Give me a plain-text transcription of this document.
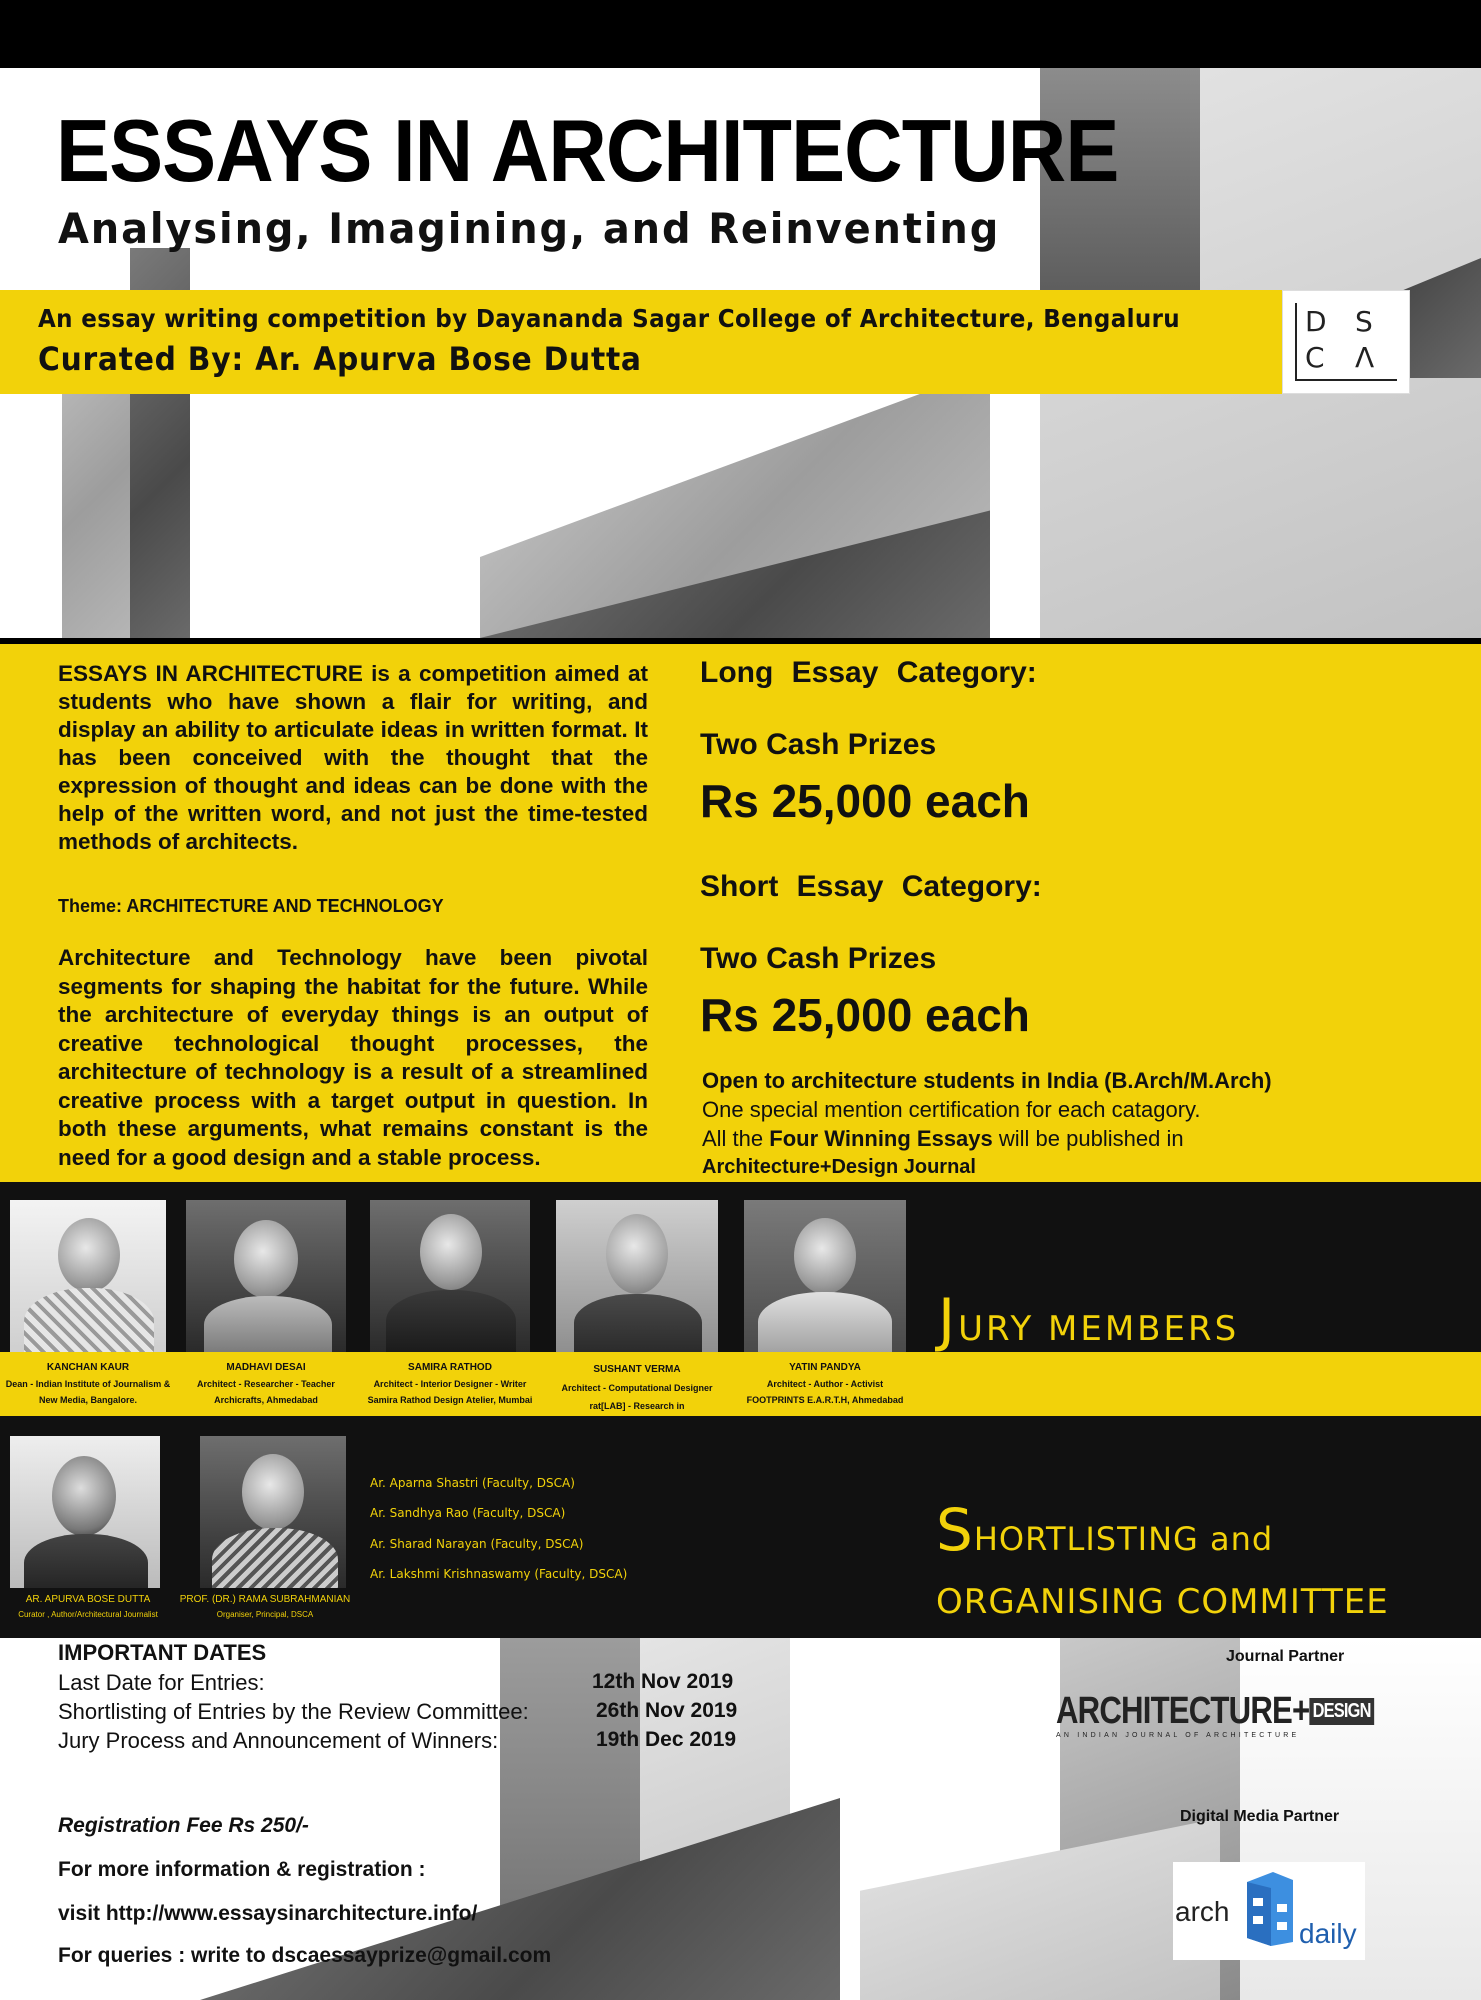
ESSAYS IN ARCHITECTURE
Analysing, Imagining, and Reinventing
An essay writing competition by Dayananda Sagar College of Architecture, Bengaluru
Curated By: Ar. Apurva Bose Dutta
D S
C Λ
ESSAYS IN ARCHITECTURE is a competition aimed at students who have shown a flair for writing, and display an ability to articulate ideas in written format. It has been conceived with the thought that the expression of thought and ideas can be done with the help of the written word, and not just the time-tested methods of architects.
Theme: ARCHITECTURE AND TECHNOLOGY
Architecture and Technology have been pivotal segments for shaping the habitat for the future. While the architecture of everyday things is an output of creative technological thought processes, the architecture of technology is a result of a streamlined creative process with a target output in question. In both these arguments, what remains constant is the need for a good design and a stable process.
Long Essay Category:
Two Cash Prizes
Rs 25,000 each
Short Essay Category:
Two Cash Prizes
Rs 25,000 each
Open to architecture students in India (B.Arch/M.Arch)
One special mention certification for each catagory.
All the Four Winning Essays will be published in
Architecture+Design Journal
KANCHAN KAUR
Dean - Indian Institute of Journalism &
New Media, Bangalore.
MADHAVI DESAI
Architect - Researcher - Teacher
Archicrafts, Ahmedabad
SAMIRA RATHOD
Architect - Interior Designer - Writer
Samira Rathod Design Atelier, Mumbai
SUSHANT VERMA
Architect - Computational Designer
rat[LAB] - Research in
YATIN PANDYA
Architect - Author - Activist
FOOTPRINTS E.A.R.T.H, Ahmedabad
JURY MEMBERS
AR. APURVA BOSE DUTTA
Curator , Author/Architectural Journalist
PROF. (DR.) RAMA SUBRAHMANIAN
Organiser, Principal, DSCA
Ar. Aparna Shastri (Faculty, DSCA)
Ar. Sandhya Rao (Faculty, DSCA)
Ar. Sharad Narayan (Faculty, DSCA)
Ar. Lakshmi Krishnaswamy (Faculty, DSCA)
SHORTLISTING and
ORGANISING COMMITTEE
IMPORTANT DATES
Last Date for Entries:	12th Nov 2019
Shortlisting of Entries by the Review Committee:	26th Nov 2019
Jury Process and Announcement of Winners:	19th Dec 2019
Registration Fee Rs 250/-
For more information & registration :
visit http://www.essaysinarchitecture.info/
For queries : write to dscaessayprize@gmail.com
Journal Partner
ARCHITECTURE+ DESIGN
AN INDIAN JOURNAL OF ARCHITECTURE
Digital Media Partner
arch
daily
